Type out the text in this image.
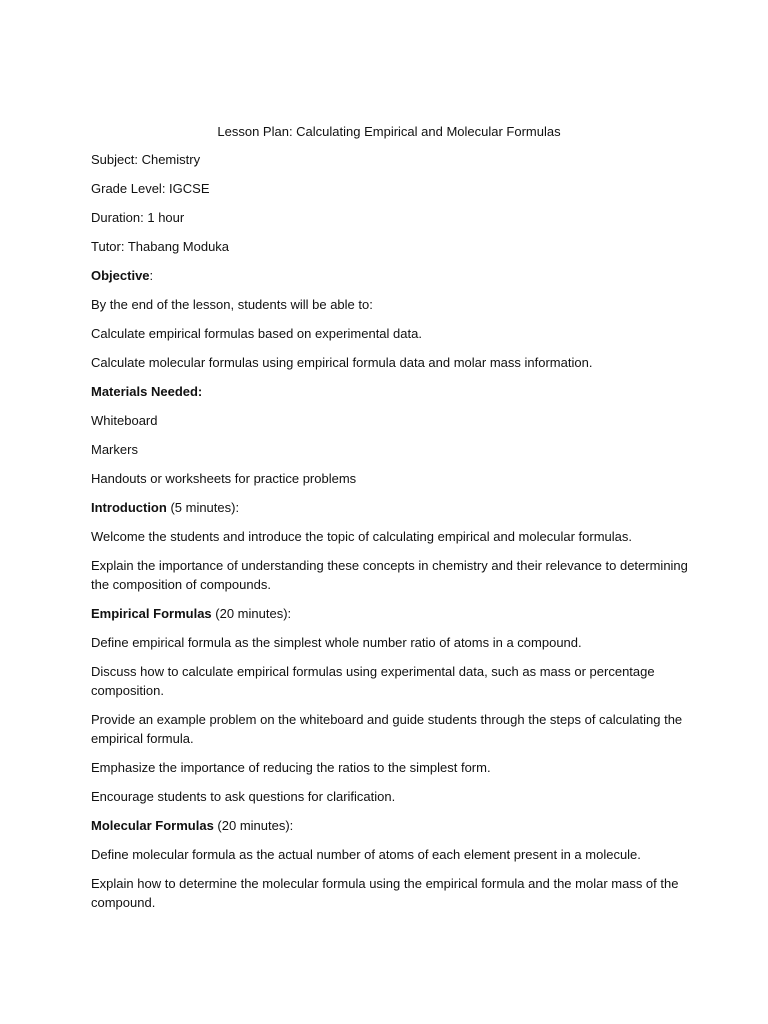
Lesson Plan: Calculating Empirical and Molecular Formulas

Subject: Chemistry

Grade Level: IGCSE

Duration: 1 hour

Tutor: Thabang Moduka

Objective:

By the end of the lesson, students will be able to:

Calculate empirical formulas based on experimental data.

Calculate molecular formulas using empirical formula data and molar mass information.

Materials Needed:

Whiteboard

Markers

Handouts or worksheets for practice problems

Introduction (5 minutes):

Welcome the students and introduce the topic of calculating empirical and molecular formulas.

Explain the importance of understanding these concepts in chemistry and their relevance to determining the composition of compounds.

Empirical Formulas (20 minutes):

Define empirical formula as the simplest whole number ratio of atoms in a compound.

Discuss how to calculate empirical formulas using experimental data, such as mass or percentage composition.

Provide an example problem on the whiteboard and guide students through the steps of calculating the empirical formula.

Emphasize the importance of reducing the ratios to the simplest form.

Encourage students to ask questions for clarification.

Molecular Formulas (20 minutes):

Define molecular formula as the actual number of atoms of each element present in a molecule.

Explain how to determine the molecular formula using the empirical formula and the molar mass of the compound.
